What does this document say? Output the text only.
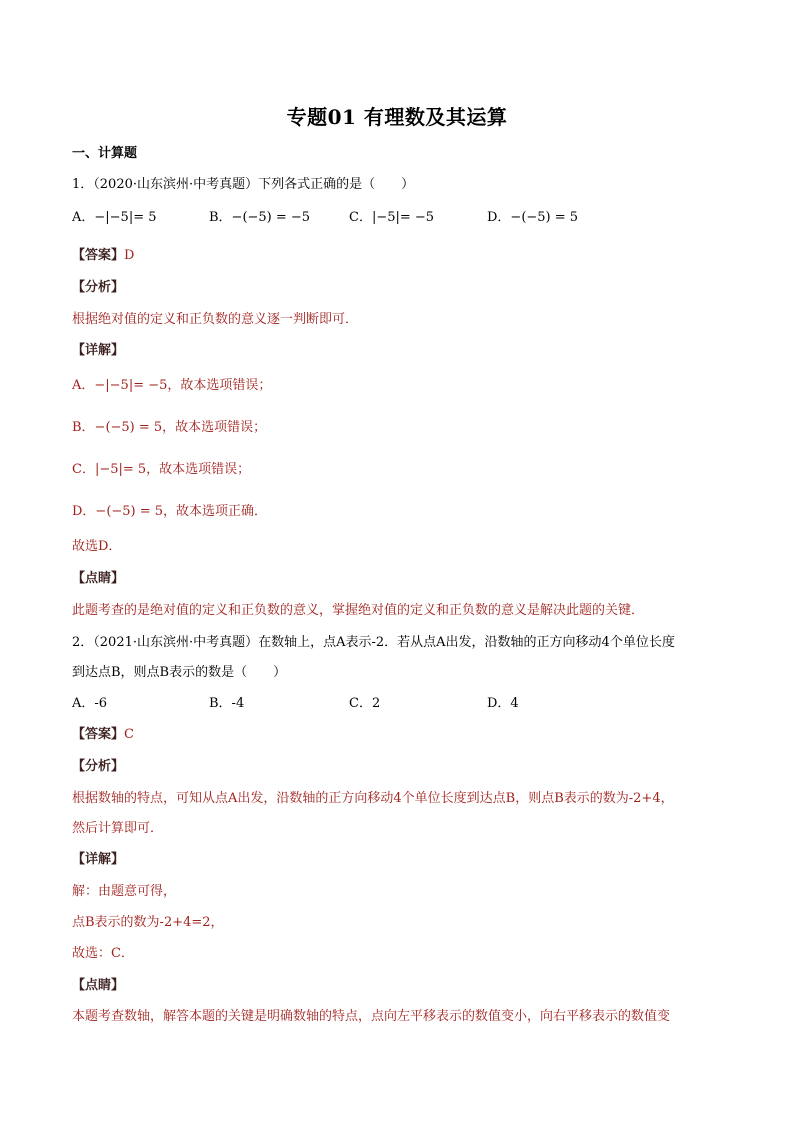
专题01 有理数及其运算
一、计算题
1．（2020·山东滨州·中考真题）下列各式正确的是（　　）
A．−|−5|= 5	B．−(−5) = −5	C．|−5|= −5	D．−(−5) = 5
【答案】D
【分析】
根据绝对值的定义和正负数的意义逐一判断即可．
【详解】
A．−|−5|= −5，故本选项错误；
B．−(−5) = 5，故本选项错误；
C．|−5|= 5，故本选项错误；
D．−(−5) = 5，故本选项正确．
故选D．
【点睛】
此题考查的是绝对值的定义和正负数的意义，掌握绝对值的定义和正负数的意义是解决此题的关键．
2．（2021·山东滨州·中考真题）在数轴上，点A表示-2．若从点A出发，沿数轴的正方向移动4个单位长度
到达点B，则点B表示的数是（　　）
A．-6	B．-4	C．2	D．4
【答案】C
【分析】
根据数轴的特点，可知从点A出发，沿数轴的正方向移动4个单位长度到达点B，则点B表示的数为-2+4，
然后计算即可．
【详解】
解：由题意可得，
点B表示的数为-2+4=2，
故选：C．
【点睛】
本题考查数轴，解答本题的关键是明确数轴的特点，点向左平移表示的数值变小，向右平移表示的数值变
